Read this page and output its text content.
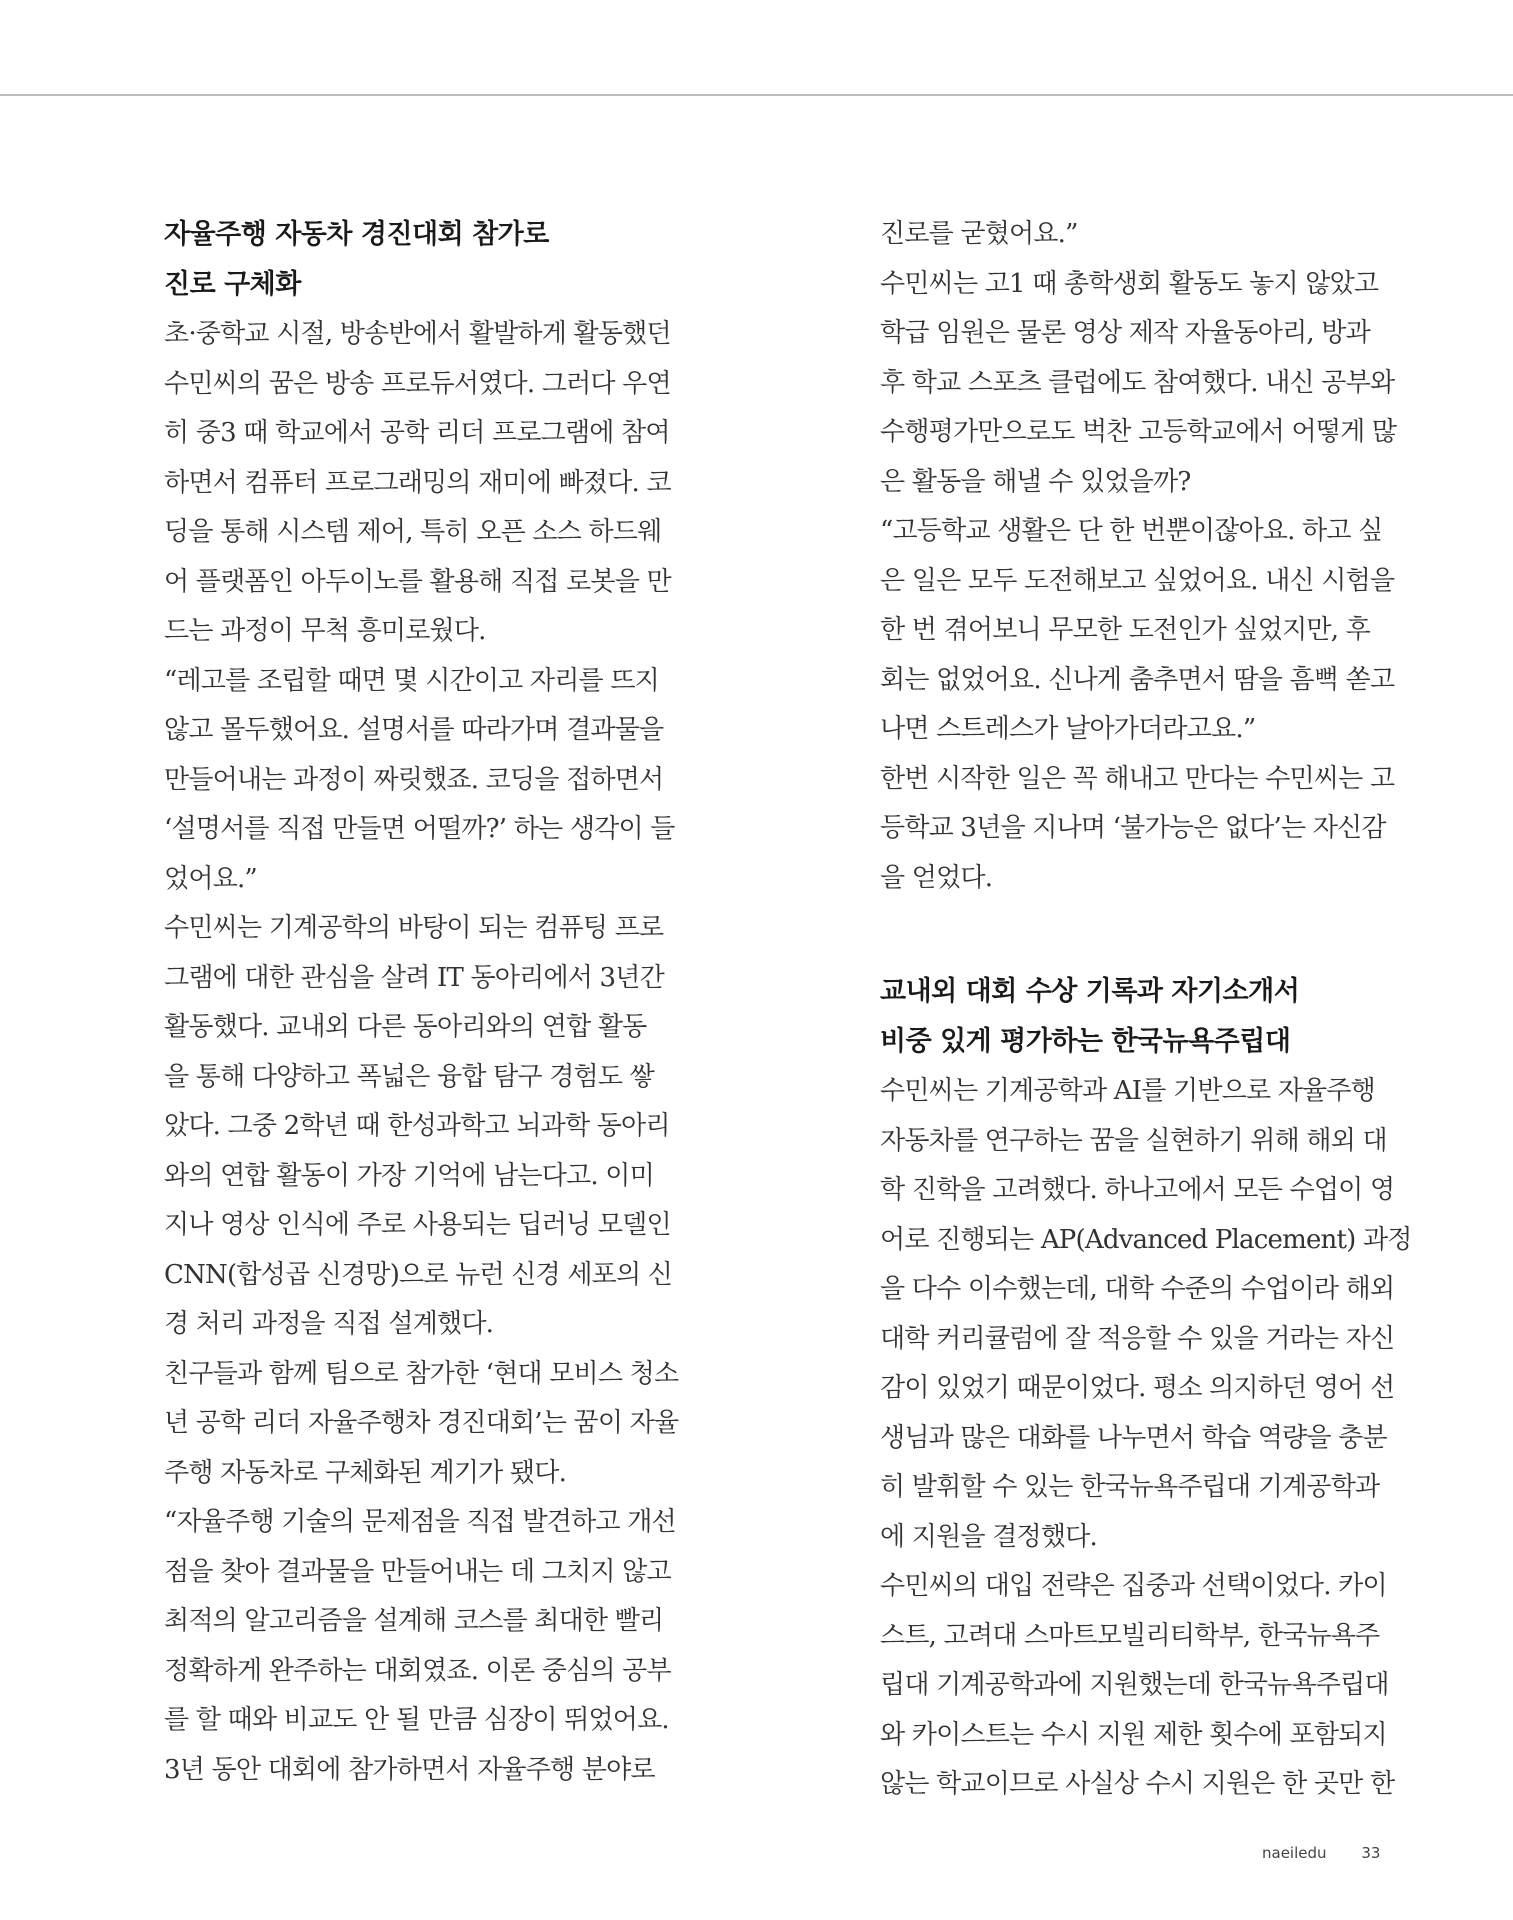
자율주행 자동차 경진대회 참가로
진로 구체화
초·중학교 시절, 방송반에서 활발하게 활동했던
수민씨의 꿈은 방송 프로듀서였다. 그러다 우연
히 중3 때 학교에서 공학 리더 프로그램에 참여
하면서 컴퓨터 프로그래밍의 재미에 빠졌다. 코
딩을 통해 시스템 제어, 특히 오픈 소스 하드웨
어 플랫폼인 아두이노를 활용해 직접 로봇을 만
드는 과정이 무척 흥미로웠다.
“레고를 조립할 때면 몇 시간이고 자리를 뜨지
않고 몰두했어요. 설명서를 따라가며 결과물을
만들어내는 과정이 짜릿했죠. 코딩을 접하면서
‘설명서를 직접 만들면 어떨까?’ 하는 생각이 들
었어요.”
수민씨는 기계공학의 바탕이 되는 컴퓨팅 프로
그램에 대한 관심을 살려 IT 동아리에서 3년간
활동했다. 교내외 다른 동아리와의 연합 활동
을 통해 다양하고 폭넓은 융합 탐구 경험도 쌓
았다. 그중 2학년 때 한성과학고 뇌과학 동아리
와의 연합 활동이 가장 기억에 남는다고. 이미
지나 영상 인식에 주로 사용되는 딥러닝 모델인
CNN(합성곱 신경망)으로 뉴런 신경 세포의 신
경 처리 과정을 직접 설계했다.
친구들과 함께 팀으로 참가한 ‘현대 모비스 청소
년 공학 리더 자율주행차 경진대회’는 꿈이 자율
주행 자동차로 구체화된 계기가 됐다.
“자율주행 기술의 문제점을 직접 발견하고 개선
점을 찾아 결과물을 만들어내는 데 그치지 않고
최적의 알고리즘을 설계해 코스를 최대한 빨리
정확하게 완주하는 대회였죠. 이론 중심의 공부
를 할 때와 비교도 안 될 만큼 심장이 뛰었어요.
3년 동안 대회에 참가하면서 자율주행 분야로
진로를 굳혔어요.”
수민씨는 고1 때 총학생회 활동도 놓지 않았고
학급 임원은 물론 영상 제작 자율동아리, 방과
후 학교 스포츠 클럽에도 참여했다. 내신 공부와
수행평가만으로도 벅찬 고등학교에서 어떻게 많
은 활동을 해낼 수 있었을까?
“고등학교 생활은 단 한 번뿐이잖아요. 하고 싶
은 일은 모두 도전해보고 싶었어요. 내신 시험을
한 번 겪어보니 무모한 도전인가 싶었지만, 후
회는 없었어요. 신나게 춤추면서 땀을 흠뻑 쏟고
나면 스트레스가 날아가더라고요.”
한번 시작한 일은 꼭 해내고 만다는 수민씨는 고
등학교 3년을 지나며 ‘불가능은 없다’는 자신감
을 얻었다.
교내외 대회 수상 기록과 자기소개서
비중 있게 평가하는 한국뉴욕주립대
수민씨는 기계공학과 AI를 기반으로 자율주행
자동차를 연구하는 꿈을 실현하기 위해 해외 대
학 진학을 고려했다. 하나고에서 모든 수업이 영
어로 진행되는 AP(Advanced Placement) 과정
을 다수 이수했는데, 대학 수준의 수업이라 해외
대학 커리큘럼에 잘 적응할 수 있을 거라는 자신
감이 있었기 때문이었다. 평소 의지하던 영어 선
생님과 많은 대화를 나누면서 학습 역량을 충분
히 발휘할 수 있는 한국뉴욕주립대 기계공학과
에 지원을 결정했다.
수민씨의 대입 전략은 집중과 선택이었다. 카이
스트, 고려대 스마트모빌리티학부, 한국뉴욕주
립대 기계공학과에 지원했는데 한국뉴욕주립대
와 카이스트는 수시 지원 제한 횟수에 포함되지
않는 학교이므로 사실상 수시 지원은 한 곳만 한
naeiledu 33
